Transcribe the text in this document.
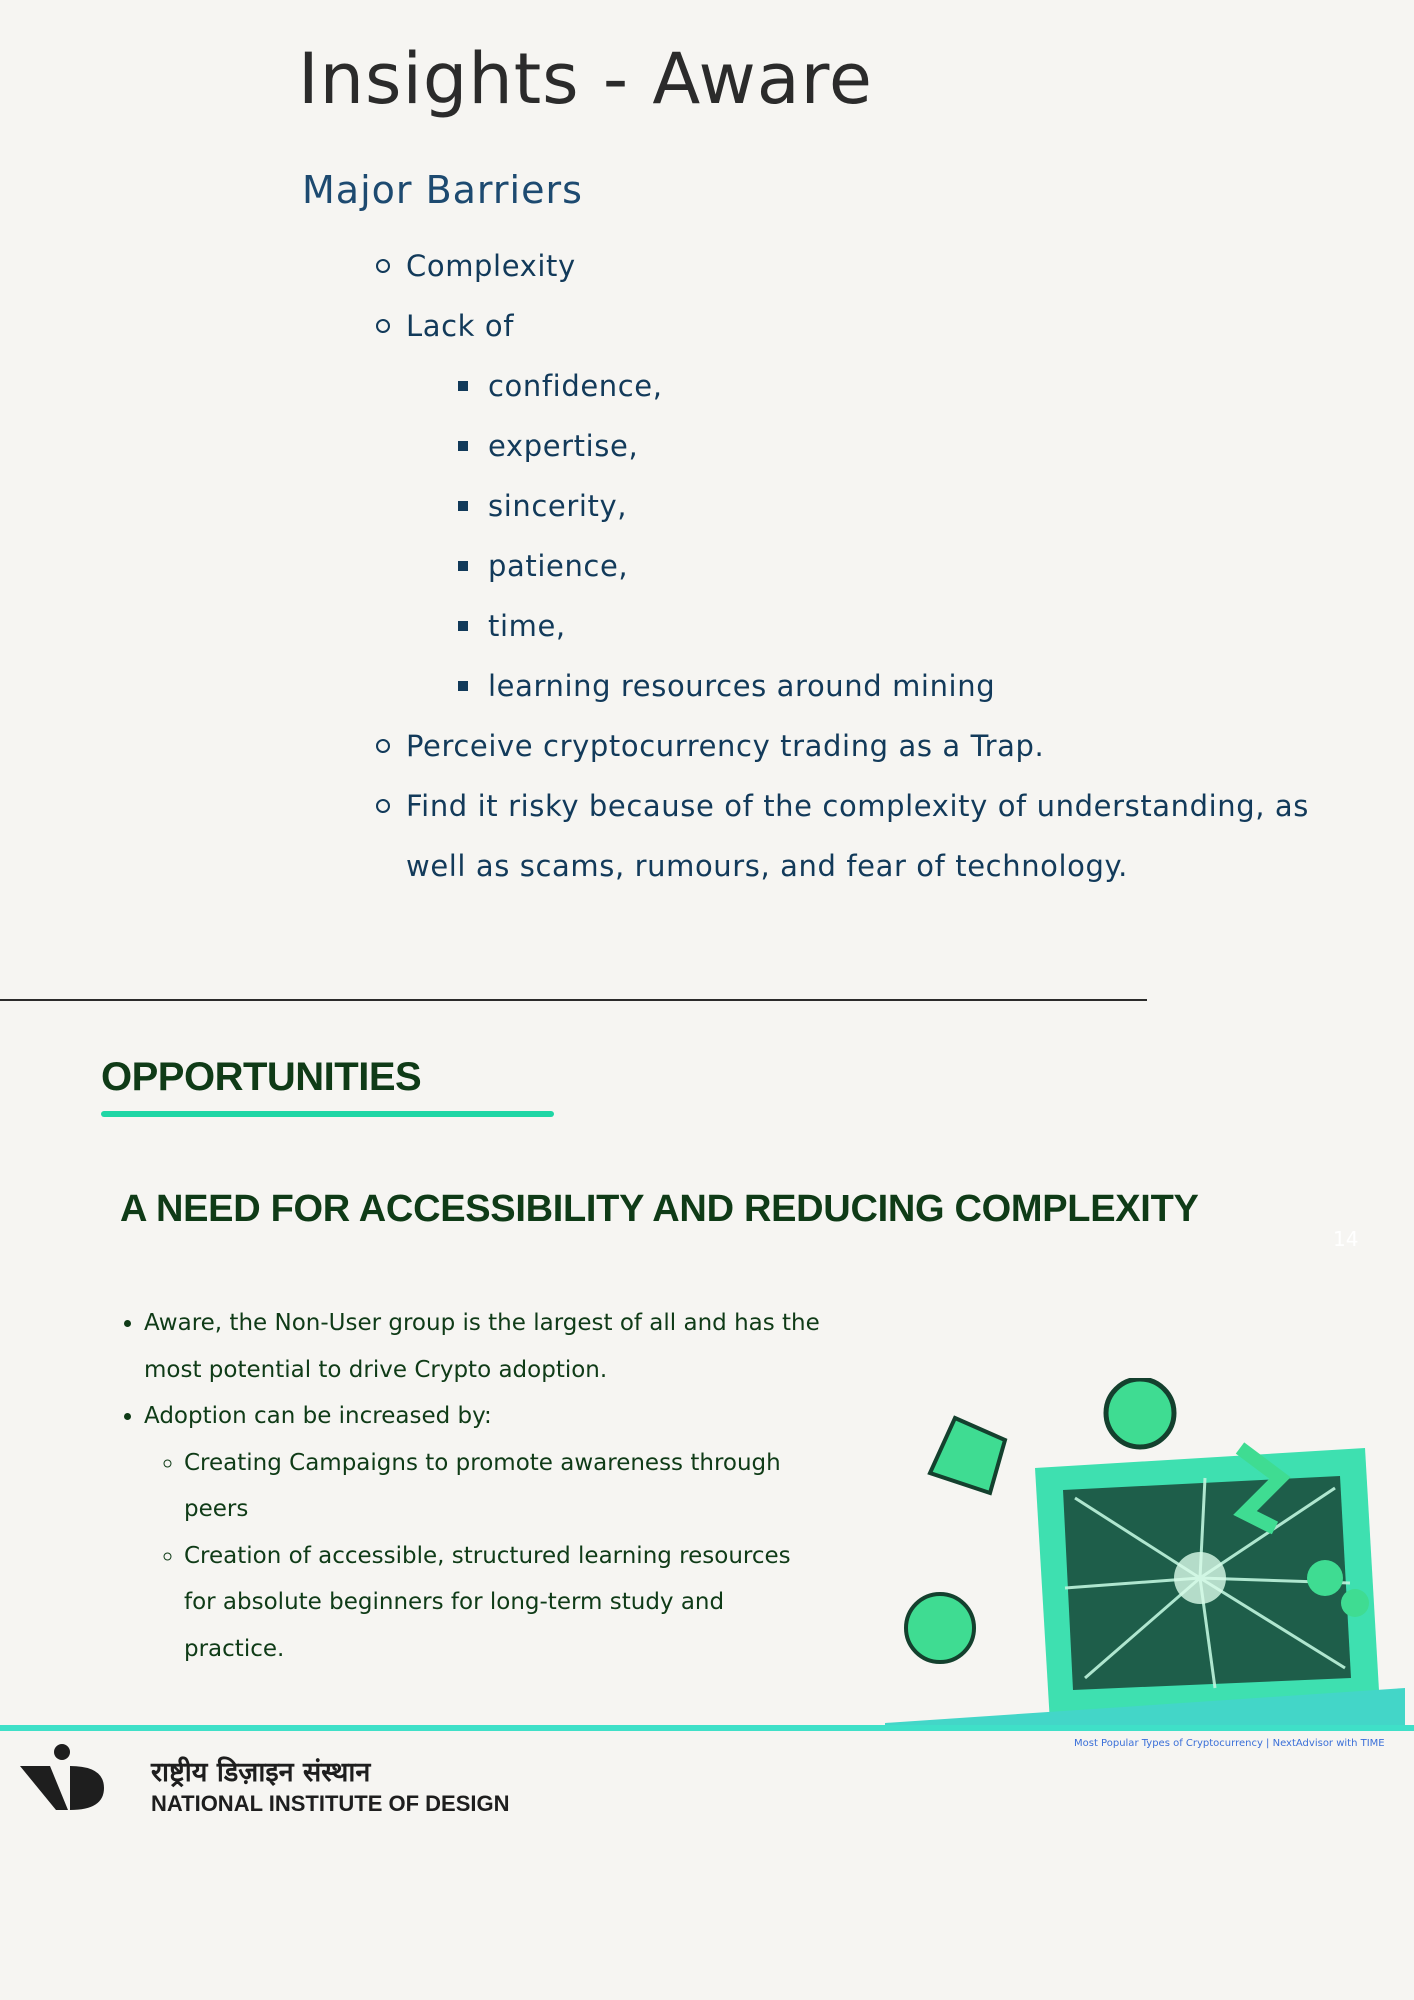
Insights - Aware
Major Barriers
Complexity
Lack of
confidence,
expertise,
sincerity,
patience,
time,
learning resources around mining
Perceive cryptocurrency trading as a Trap.
Find it risky because of the complexity of understanding, as well as scams, rumours, and fear of technology.
OPPORTUNITIES
A NEED FOR ACCESSIBILITY AND REDUCING COMPLEXITY
14
• Aware, the Non-User group is the largest of all and has the most potential to drive Crypto adoption.
• Adoption can be increased by:
◦ Creating Campaigns to promote awareness through peers
◦ Creation of accessible, structured learning resources for absolute beginners for long-term study and practice.
Most Popular Types of Cryptocurrency | NextAdvisor with TIME
राष्ट्रीय डिज़ाइन संस्थान
NATIONAL INSTITUTE OF DESIGN
